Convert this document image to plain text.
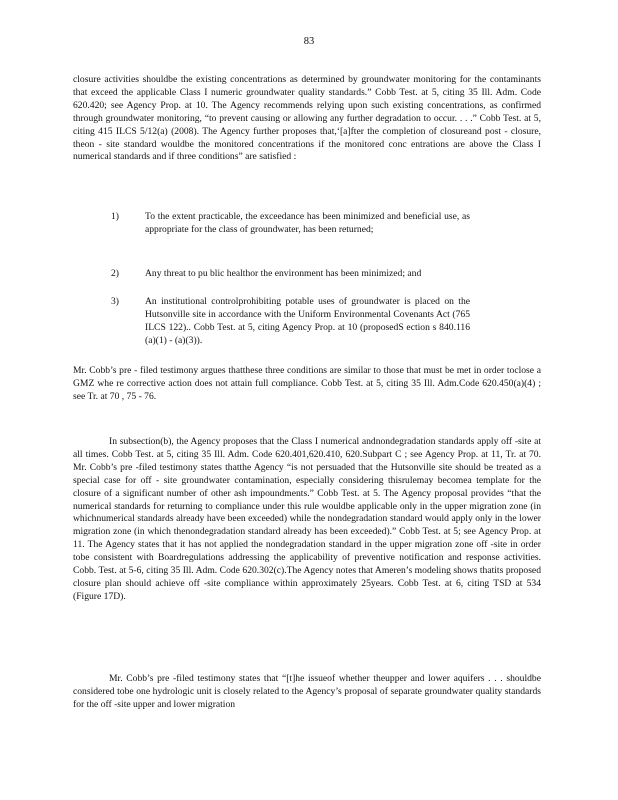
83
closure activities shouldbe the existing concentrations as determined by groundwater monitoring for the contaminants that exceed the applicable Class I numeric groundwater quality standards.” Cobb Test. at 5, citing 35 Ill. Adm. Code 620.420; see Agency Prop. at 10. The Agency recommends relying upon such existing concentrations, as confirmed through groundwater monitoring, “to prevent causing or allowing any further degradation to occur. . . .” Cobb Test. at 5, citing 415 ILCS 5/12(a) (2008). The Agency further proposes that,‘[a]fter the completion of closureand post - closure, theon - site standard wouldbe the monitored concentrations if the monitored conc entrations are above the Class I numerical standards and if three conditions” are satisfied :
1)	To the extent practicable, the exceedance has been minimized and beneficial use, as appropriate for the class of groundwater, has been returned;
2)	Any threat to pu blic healthor the environment has been minimized; and
3)	An institutional controlprohibiting potable uses of groundwater is placed on the Hutsonville site in accordance with the Uniform Environmental Covenants Act (765 ILCS 122).. Cobb Test. at 5, citing Agency Prop. at 10 (proposedS ection s 840.116 (a)(1) - (a)(3)).
Mr. Cobb’s pre - filed testimony argues thatthese three conditions are similar to those that must be met in order toclose a GMZ whe re corrective action does not attain full compliance. Cobb Test. at 5, citing 35 Ill. Adm.Code 620.450(a)(4) ; see Tr. at 70 , 75 - 76.
In subsection(b), the Agency proposes that the Class I numerical andnondegradation standards apply off -site at all times. Cobb Test. at 5, citing 35 Ill. Adm. Code 620.401,620.410, 620.Subpart C ; see Agency Prop. at 11, Tr. at 70. Mr. Cobb’s pre -filed testimony states thatthe Agency “is not persuaded that the Hutsonville site should be treated as a special case for off - site groundwater contamination, especially considering thisrulemay becomea template for the closure of a significant number of other ash impoundments.” Cobb Test. at 5. The Agency proposal provides “that the numerical standards for returning to compliance under this rule wouldbe applicable only in the upper migration zone (in whichnumerical standards already have been exceeded) while the nondegradation standard would apply only in the lower migration zone (in which thenondegradation standard already has been exceeded).” Cobb Test. at 5; see Agency Prop. at 11. The Agency states that it has not applied the nondegradation standard in the upper migration zone off -site in order tobe consistent with Boardregulations addressing the applicability of preventive notification and response activities. Cobb. Test. at 5-6, citing 35 Ill. Adm. Code 620.302(c).The Agency notes that Ameren’s modeling shows thatits proposed closure plan should achieve off -site compliance within approximately 25years. Cobb Test. at 6, citing TSD at 534 (Figure 17D).
Mr. Cobb’s pre -filed testimony states that “[t]he issueof whether theupper and lower aquifers . . . shouldbe considered tobe one hydrologic unit is closely related to the Agency’s proposal of separate groundwater quality standards for the off -site upper and lower migration
